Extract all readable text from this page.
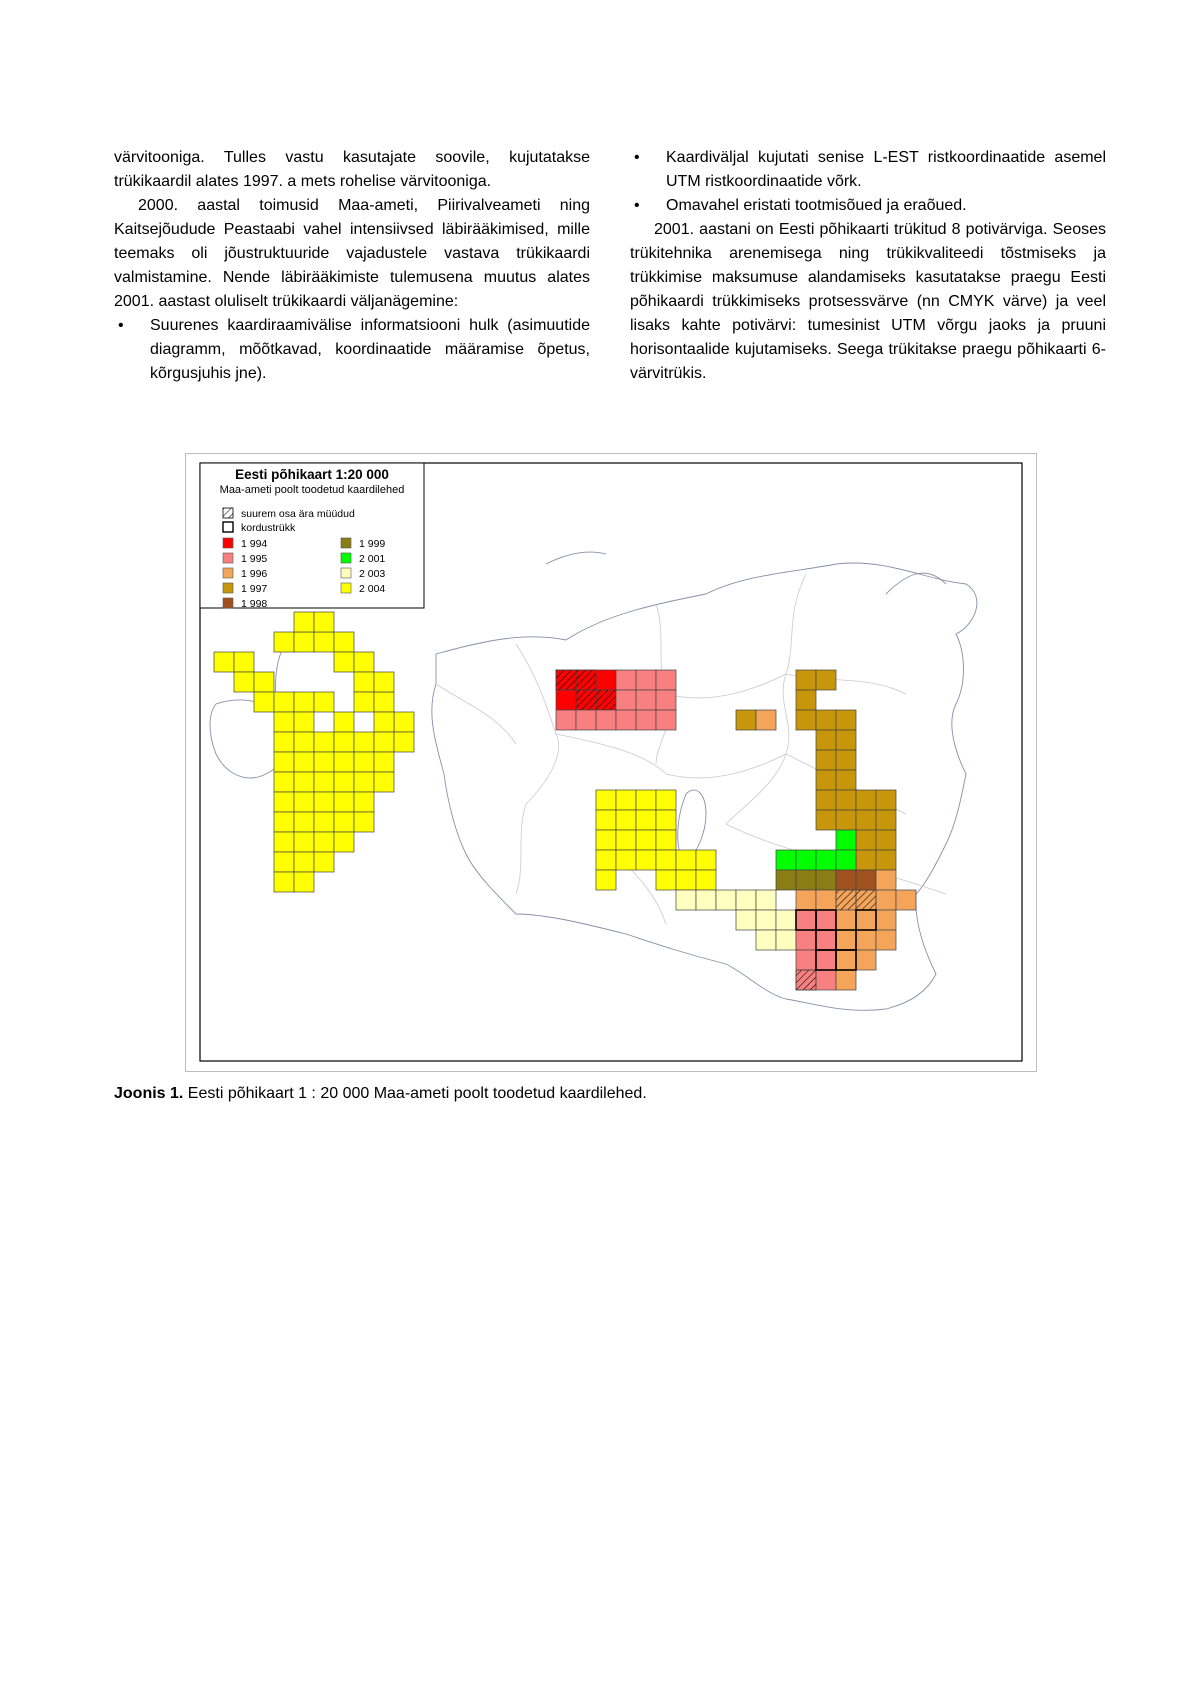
värvitooniga. Tulles vastu kasutajate soovile, kujutatakse trükikaardil alates 1997. a mets rohelise värvitooniga.

2000. aastal toimusid Maa-ameti, Piirivalveameti ning Kaitsejõudude Peastaabi vahel intensiivsed läbirääkimised, mille teemaks oli jõustruktuuride vajadustele vastava trükikaardi valmistamine. Nende läbirääkimiste tulemusena muutus alates 2001. aastast oluliselt trükikaardi väljanägemine:

• Suurenes kaardiraamivälise informatsiooni hulk (asimuutide diagramm, mõõtkavad, koordinaatide määramise õpetus, kõrgusjuhis jne).
• Kaardiväljal kujutati senise L-EST ristkoordinaatide asemel UTM ristkoordinaatide võrk.
• Omavahel eristati tootmisõued ja eraõued.

2001. aastani on Eesti põhikaarti trükitud 8 potivärviga. Seoses trükitehnika arenemisega ning trükikvaliteedi tõstmiseks ja trükkimise maksumuse alandamiseks kasutatakse praegu Eesti põhikaardi trükkimiseks protsessvärve (nn CMYK värve) ja veel lisaks kahte potivärvi: tumesinist UTM võrgu jaoks ja pruuni horisontaalide kujutamiseks. Seega trükitakse praegu põhikaarti 6-värvitrükis.

Eesti põhikaart 1:20 000
Maa-ameti poolt toodetud kaardilehed
suurem osa ära müüdud
kordustrükk
1 994
1 995
1 996
1 997
1 998
1 999
2 001
2 003
2 004
Joonis 1. Eesti põhikaart 1 : 20 000 Maa-ameti poolt toodetud kaardilehed.
